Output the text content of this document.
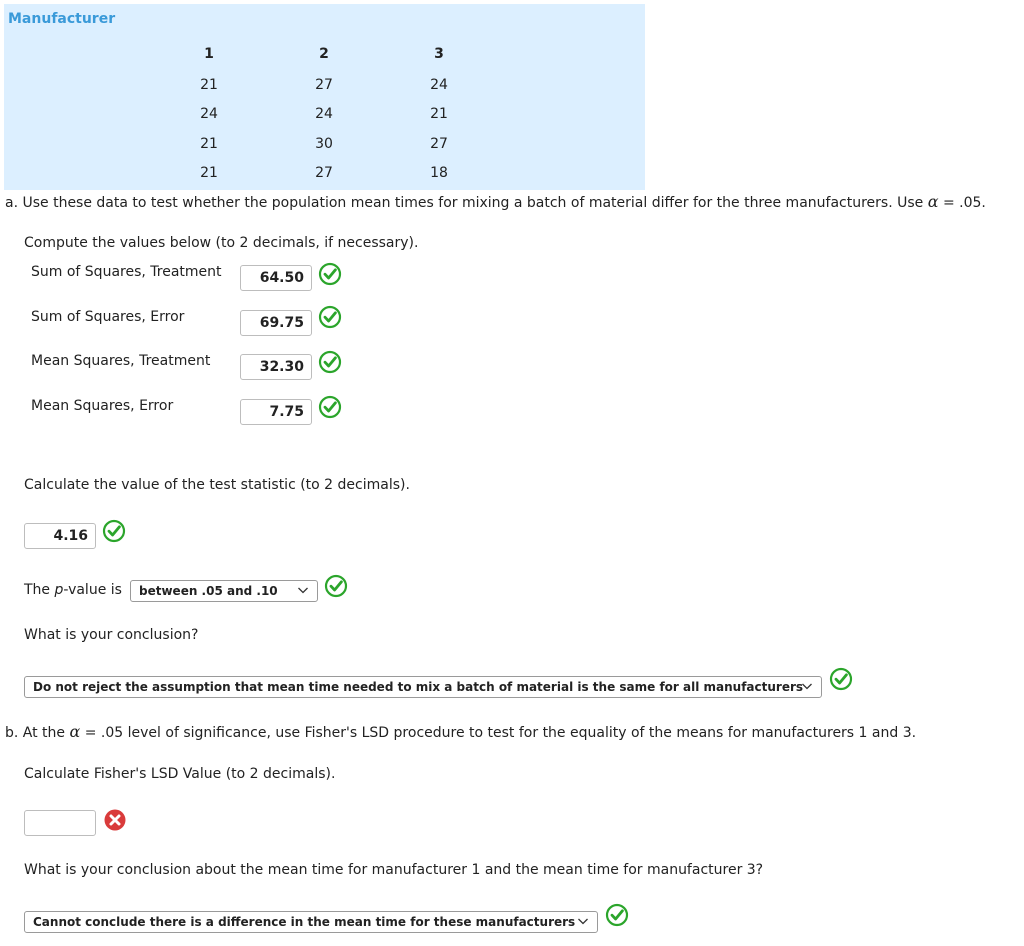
Manufacturer
1	2	3
21	27	24
24	24	21
21	30	27
21	27	18
a. Use these data to test whether the population mean times for mixing a batch of material differ for the three manufacturers. Use α = .05.
Compute the values below (to 2 decimals, if necessary).
Sum of Squares, Treatment	64.50
Sum of Squares, Error	69.75
Mean Squares, Treatment	32.30
Mean Squares, Error	7.75
Calculate the value of the test statistic (to 2 decimals).
4.16
The p-value is	between .05 and .10
What is your conclusion?
Do not reject the assumption that mean time needed to mix a batch of material is the same for all manufacturers
b. At the α = .05 level of significance, use Fisher's LSD procedure to test for the equality of the means for manufacturers 1 and 3.
Calculate Fisher's LSD Value (to 2 decimals).
What is your conclusion about the mean time for manufacturer 1 and the mean time for manufacturer 3?
Cannot conclude there is a difference in the mean time for these manufacturers
